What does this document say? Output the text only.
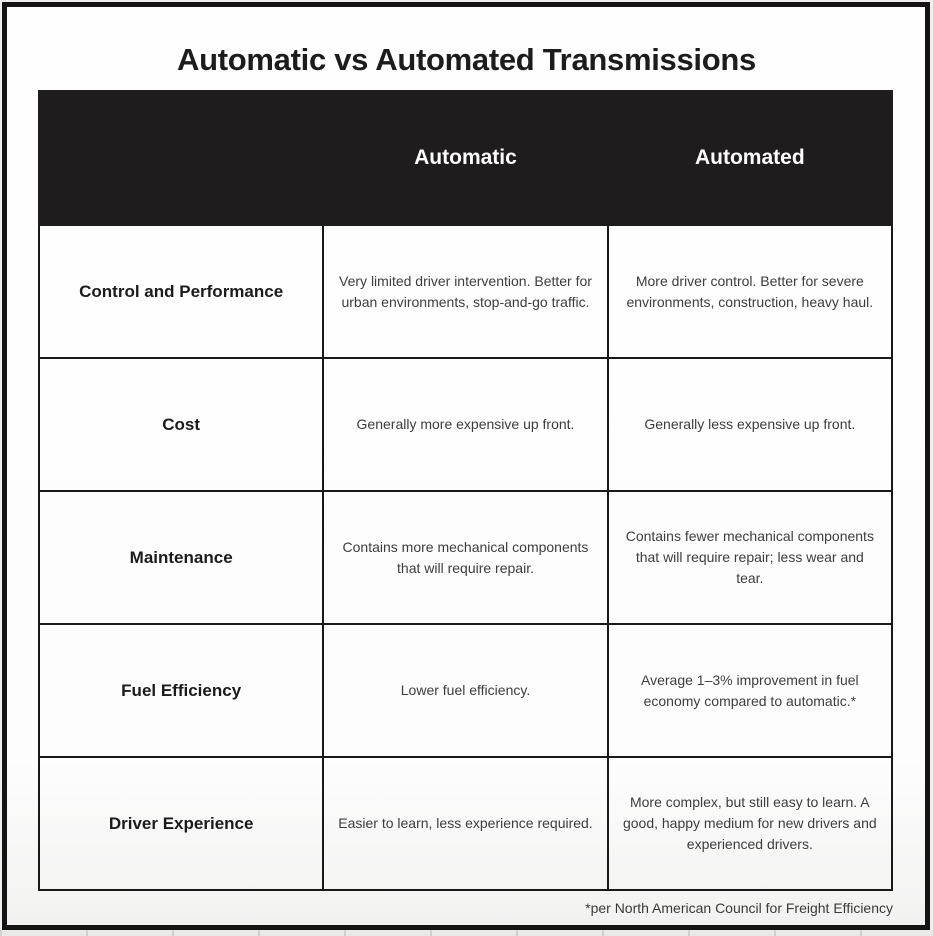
Automatic vs Automated Transmissions
	Automatic	Automated
Control and Performance	Very limited driver intervention. Better for urban environments, stop-and-go traffic.	More driver control. Better for severe environments, construction, heavy haul.
Cost	Generally more expensive up front.	Generally less expensive up front.
Maintenance	Contains more mechanical components that will require repair.	Contains fewer mechanical components that will require repair; less wear and tear.
Fuel Efficiency	Lower fuel efficiency.	Average 1–3% improvement in fuel economy compared to automatic.*
Driver Experience	Easier to learn, less experience required.	More complex, but still easy to learn. A good, happy medium for new drivers and experienced drivers.
*per North American Council for Freight Efficiency
